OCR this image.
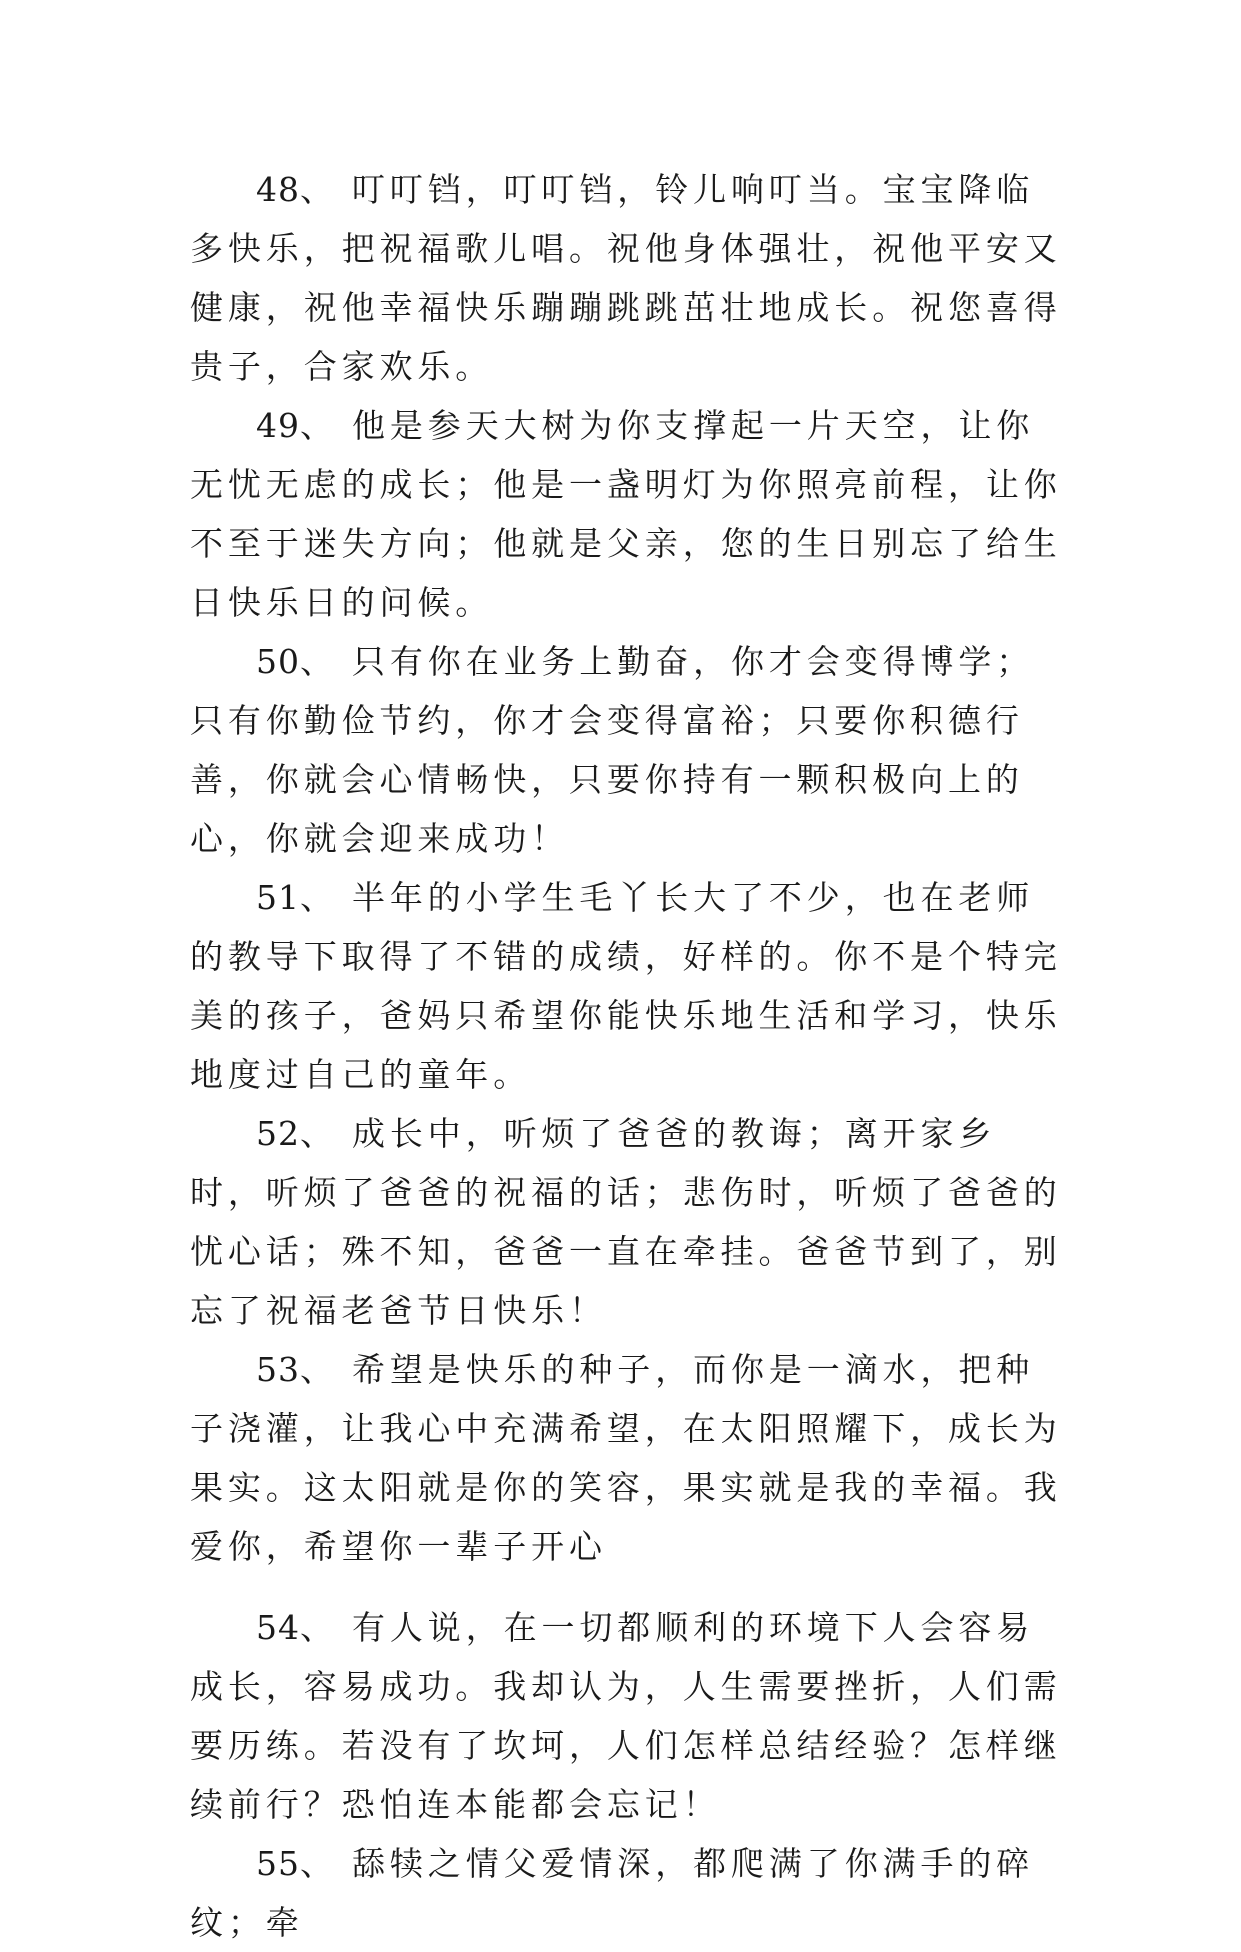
48、 叮叮铛，叮叮铛，铃儿响叮当。宝宝降临多快乐，把祝福歌儿唱。祝他身体强壮，祝他平安又健康，祝他幸福快乐蹦蹦跳跳茁壮地成长。祝您喜得贵子，合家欢乐。

49、 他是参天大树为你支撑起一片天空，让你无忧无虑的成长；他是一盏明灯为你照亮前程，让你不至于迷失方向；他就是父亲，您的生日别忘了给生日快乐日的问候。

50、 只有你在业务上勤奋，你才会变得博学；只有你勤俭节约，你才会变得富裕；只要你积德行善，你就会心情畅快，只要你持有一颗积极向上的心，你就会迎来成功！

51、 半年的小学生毛丫长大了不少，也在老师的教导下取得了不错的成绩，好样的。你不是个特完美的孩子，爸妈只希望你能快乐地生活和学习，快乐地度过自己的童年。

52、 成长中，听烦了爸爸的教诲；离开家乡时，听烦了爸爸的祝福的话；悲伤时，听烦了爸爸的忧心话；殊不知，爸爸一直在牵挂。爸爸节到了，别忘了祝福老爸节日快乐！

53、 希望是快乐的种子，而你是一滴水，把种子浇灌，让我心中充满希望，在太阳照耀下，成长为果实。这太阳就是你的笑容，果实就是我的幸福。我爱你，希望你一辈子开心

54、 有人说，在一切都顺利的环境下人会容易成长，容易成功。我却认为，人生需要挫折，人们需要历练。若没有了坎坷，人们怎样总结经验？怎样继续前行？恐怕连本能都会忘记！

55、 舔犊之情父爱情深，都爬满了你满手的碎纹；牵
